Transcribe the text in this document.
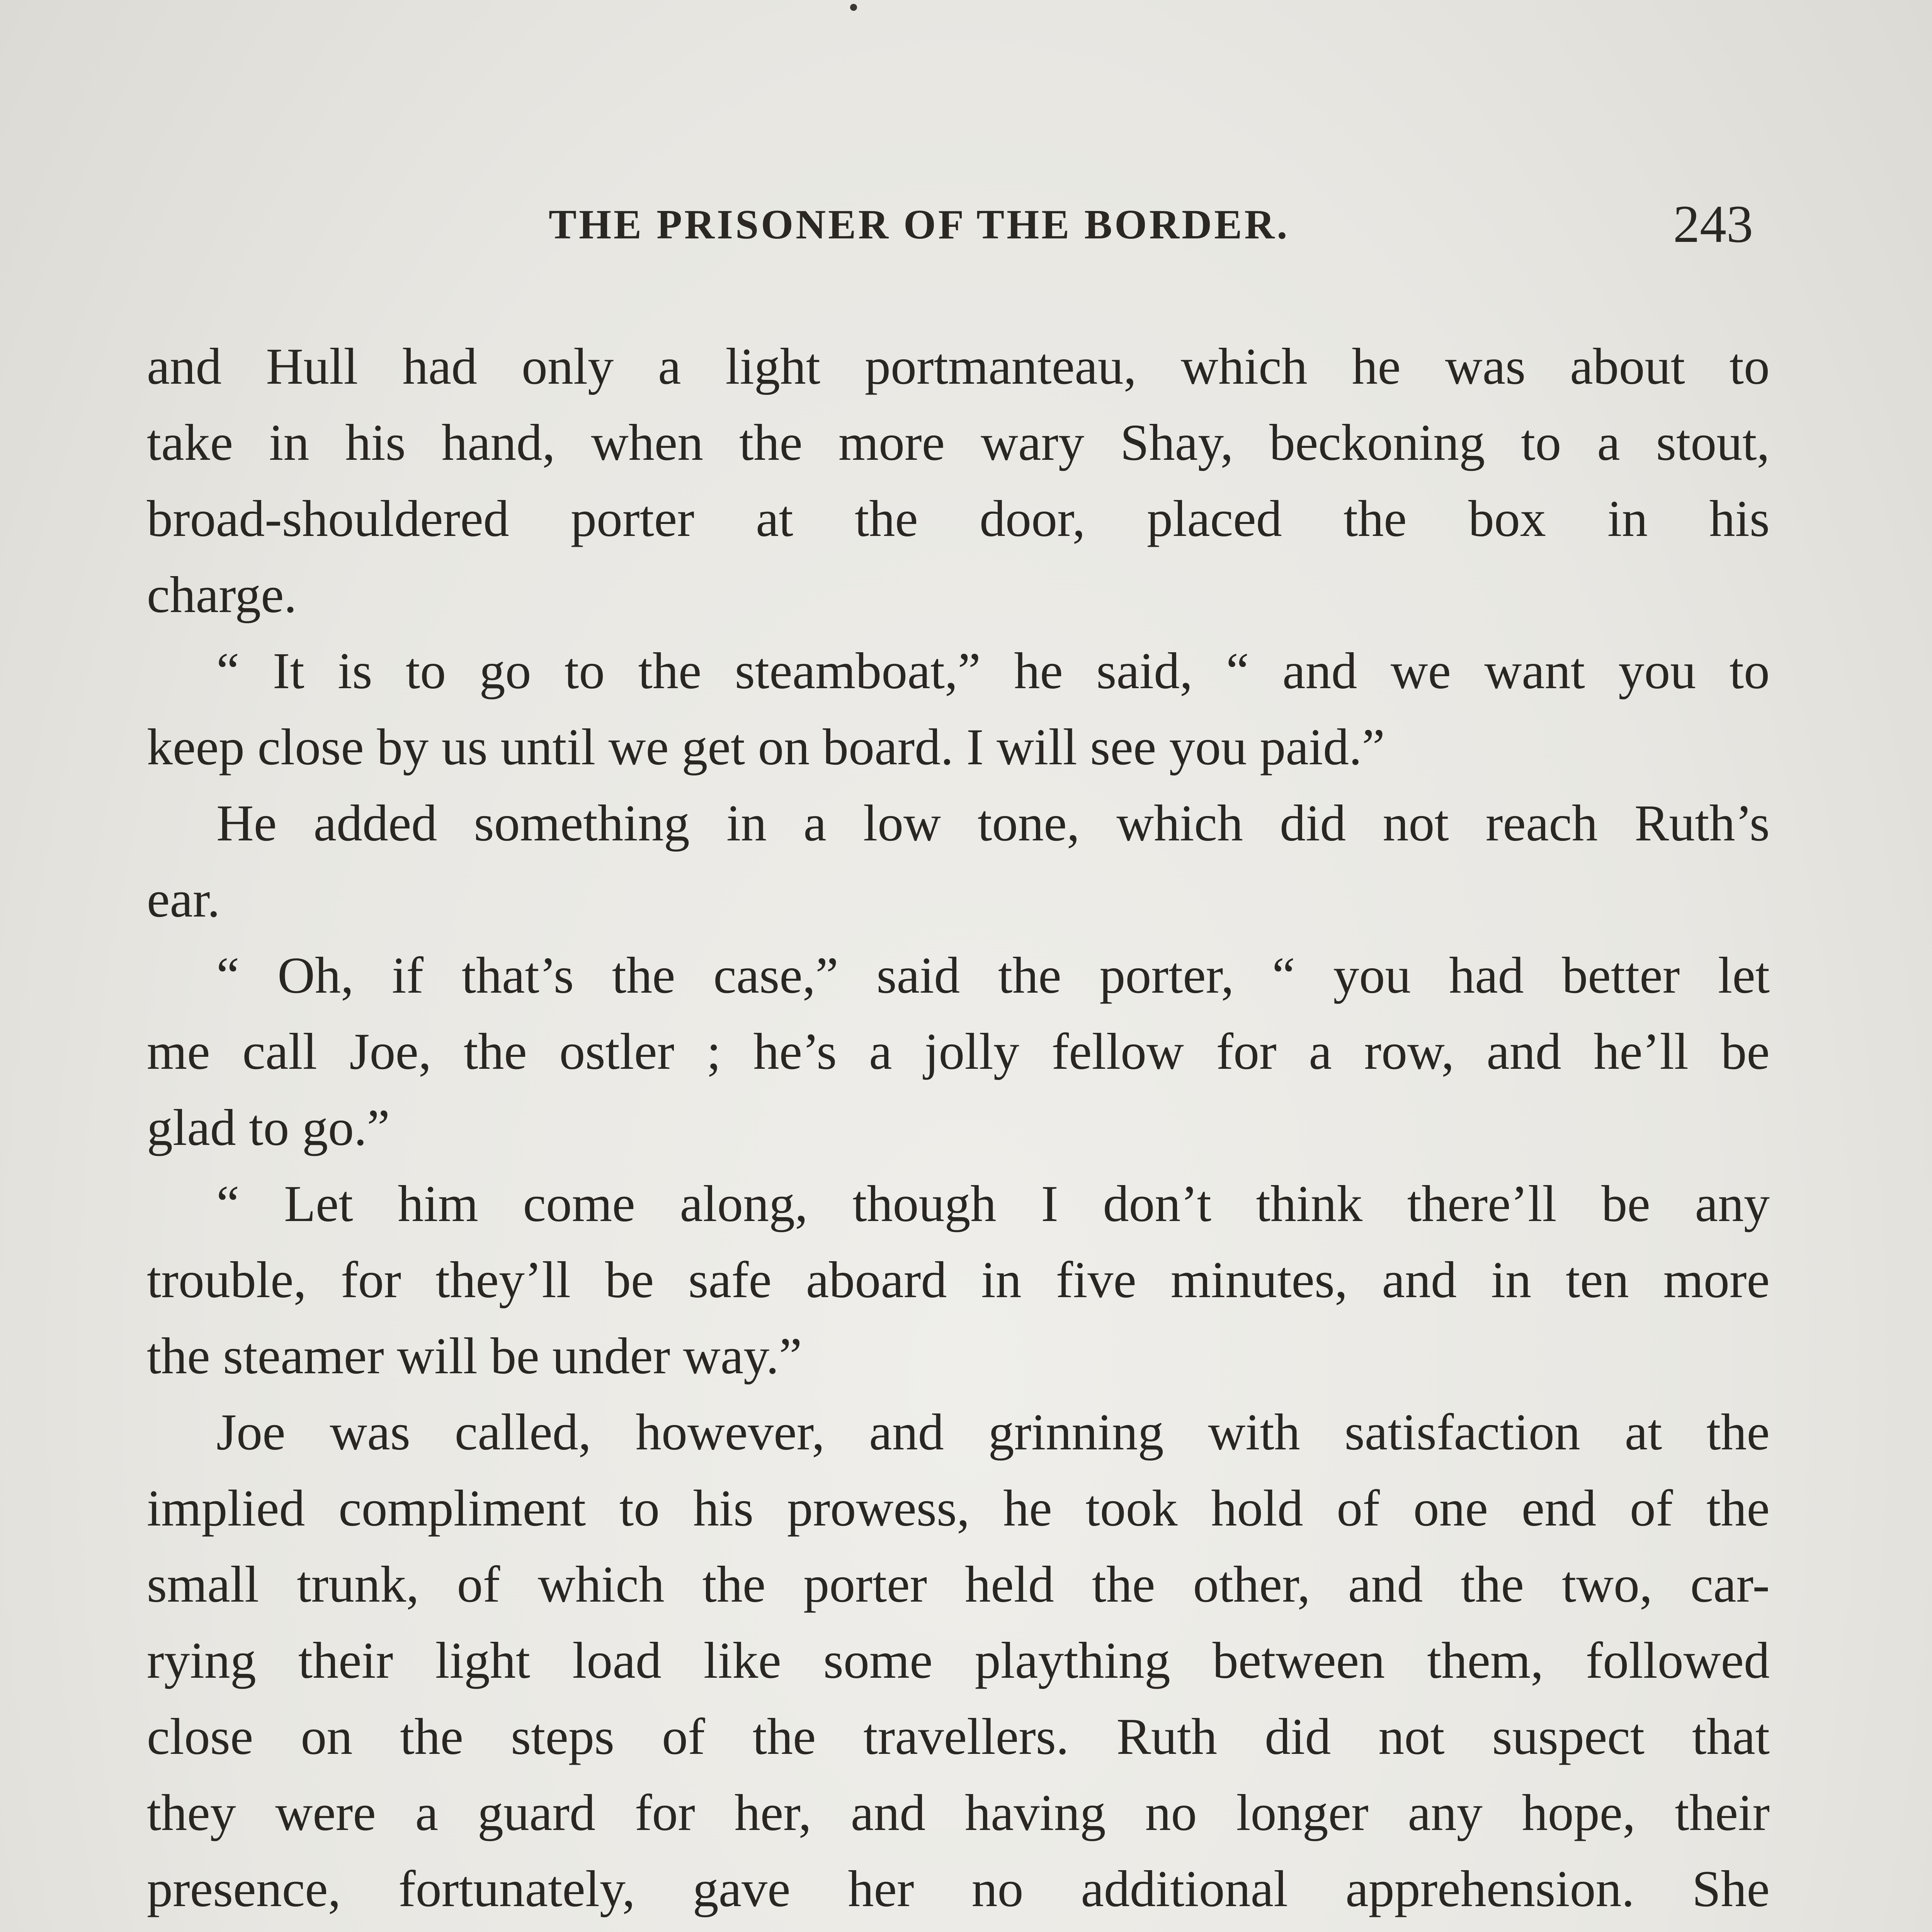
THE PRISONER OF THE BORDER.	243
and Hull had only a light portmanteau, which he was about to
take in his hand, when the more wary Shay, beckoning to a stout,
broad-shouldered porter at the door, placed the box in his
charge.
“ It is to go to the steamboat,” he said, “ and we want you to
keep close by us until we get on board. I will see you paid.”
He added something in a low tone, which did not reach Ruth’s
ear.
“ Oh, if that’s the case,” said the porter, “ you had better let
me call Joe, the ostler ; he’s a jolly fellow for a row, and he’ll be
glad to go.”
“ Let him come along, though I don’t think there’ll be any
trouble, for they’ll be safe aboard in five minutes, and in ten more
the steamer will be under way.”
Joe was called, however, and grinning with satisfaction at the
implied compliment to his prowess, he took hold of one end of the
small trunk, of which the porter held the other, and the two, car-
rying their light load like some plaything between them, followed
close on the steps of the travellers. Ruth did not suspect that
they were a guard for her, and having no longer any hope, their
presence, fortunately, gave her no additional apprehension. She
